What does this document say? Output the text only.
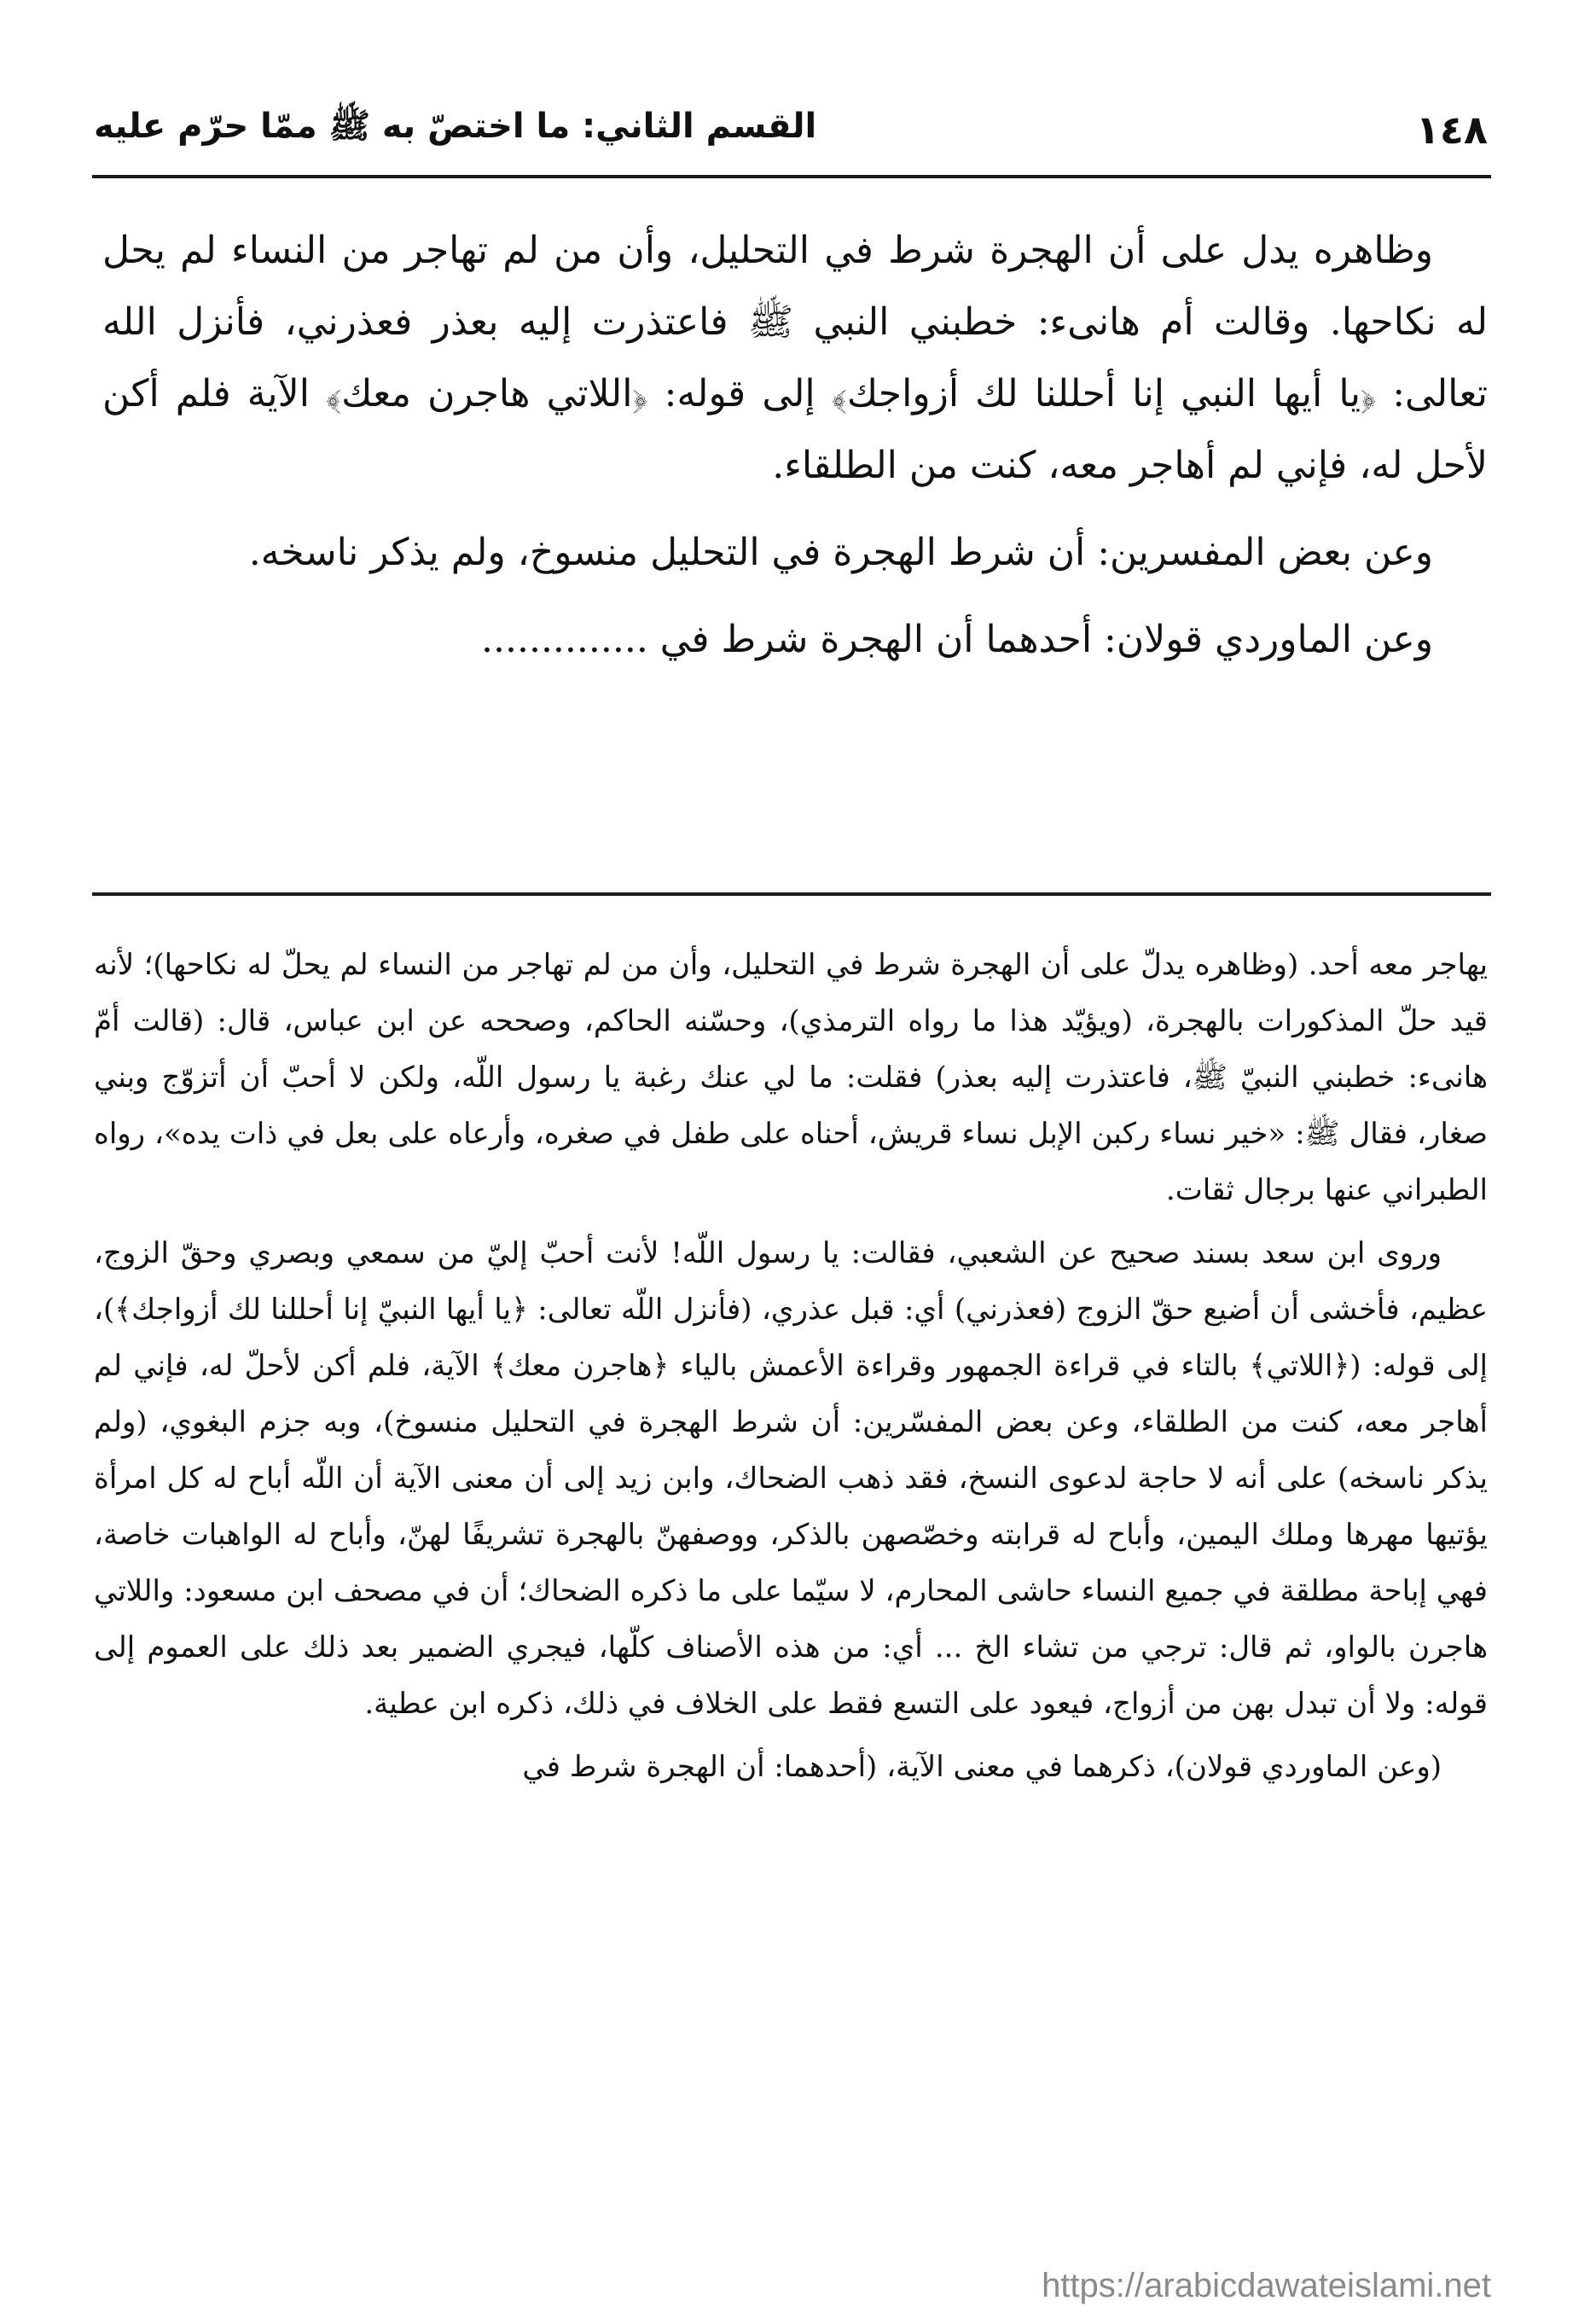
١٤٨
القسم الثاني: ما اختصّ به ﷺ ممّا حرّم عليه

وظاهره يدل على أن الهجرة شرط في التحليل، وأن من لم تهاجر من النساء لم يحل له نكاحها. وقالت أم هانىء: خطبني النبي ﷺ فاعتذرت إليه بعذر فعذرني، فأنزل الله تعالى: ﴿يا أيها النبي إنا أحللنا لك أزواجك﴾ إلى قوله: ﴿اللاتي هاجرن معك﴾ الآية فلم أكن لأحل له، فإني لم أهاجر معه، كنت من الطلقاء.

وعن بعض المفسرين: أن شرط الهجرة في التحليل منسوخ، ولم يذكر ناسخه.

وعن الماوردي قولان: أحدهما أن الهجرة شرط في ..............

يهاجر معه أحد. (وظاهره يدلّ على أن الهجرة شرط في التحليل، وأن من لم تهاجر من النساء لم يحلّ له نكاحها)؛ لأنه قيد حلّ المذكورات بالهجرة، (ويؤيّد هذا ما رواه الترمذي)، وحسّنه الحاكم، وصححه عن ابن عباس، قال: (قالت أمّ هانىء: خطبني النبيّ ﷺ، فاعتذرت إليه بعذر) فقلت: ما لي عنك رغبة يا رسول اللّه، ولكن لا أحبّ أن أتزوّج وبني صغار، فقال ﷺ: «خير نساء ركبن الإبل نساء قريش، أحناه على طفل في صغره، وأرعاه على بعل في ذات يده»، رواه الطبراني عنها برجال ثقات.

وروى ابن سعد بسند صحيح عن الشعبي، فقالت: يا رسول اللّه! لأنت أحبّ إليّ من سمعي وبصري وحقّ الزوج، عظيم، فأخشى أن أضيع حقّ الزوج (فعذرني) أي: قبل عذري، (فأنزل اللّه تعالى: ﴿يا أيها النبيّ إنا أحللنا لك أزواجك﴾)، إلى قوله: (﴿اللاتي﴾ بالتاء في قراءة الجمهور وقراءة الأعمش بالياء ﴿هاجرن معك﴾ الآية، فلم أكن لأحلّ له، فإني لم أهاجر معه، كنت من الطلقاء، وعن بعض المفسّرين: أن شرط الهجرة في التحليل منسوخ)، وبه جزم البغوي، (ولم يذكر ناسخه) على أنه لا حاجة لدعوى النسخ، فقد ذهب الضحاك، وابن زيد إلى أن معنى الآية أن اللّه أباح له كل امرأة يؤتيها مهرها وملك اليمين، وأباح له قرابته وخصّصهن بالذكر، ووصفهنّ بالهجرة تشريفًا لهنّ، وأباح له الواهبات خاصة، فهي إباحة مطلقة في جميع النساء حاشى المحارم، لا سيّما على ما ذكره الضحاك؛ أن في مصحف ابن مسعود: واللاتي هاجرن بالواو، ثم قال: ترجي من تشاء الخ ... أي: من هذه الأصناف كلّها، فيجري الضمير بعد ذلك على العموم إلى قوله: ولا أن تبدل بهن من أزواج، فيعود على التسع فقط على الخلاف في ذلك، ذكره ابن عطية.

(وعن الماوردي قولان)، ذكرهما في معنى الآية، (أحدهما: أن الهجرة شرط في

https://arabicdawateislami.net
